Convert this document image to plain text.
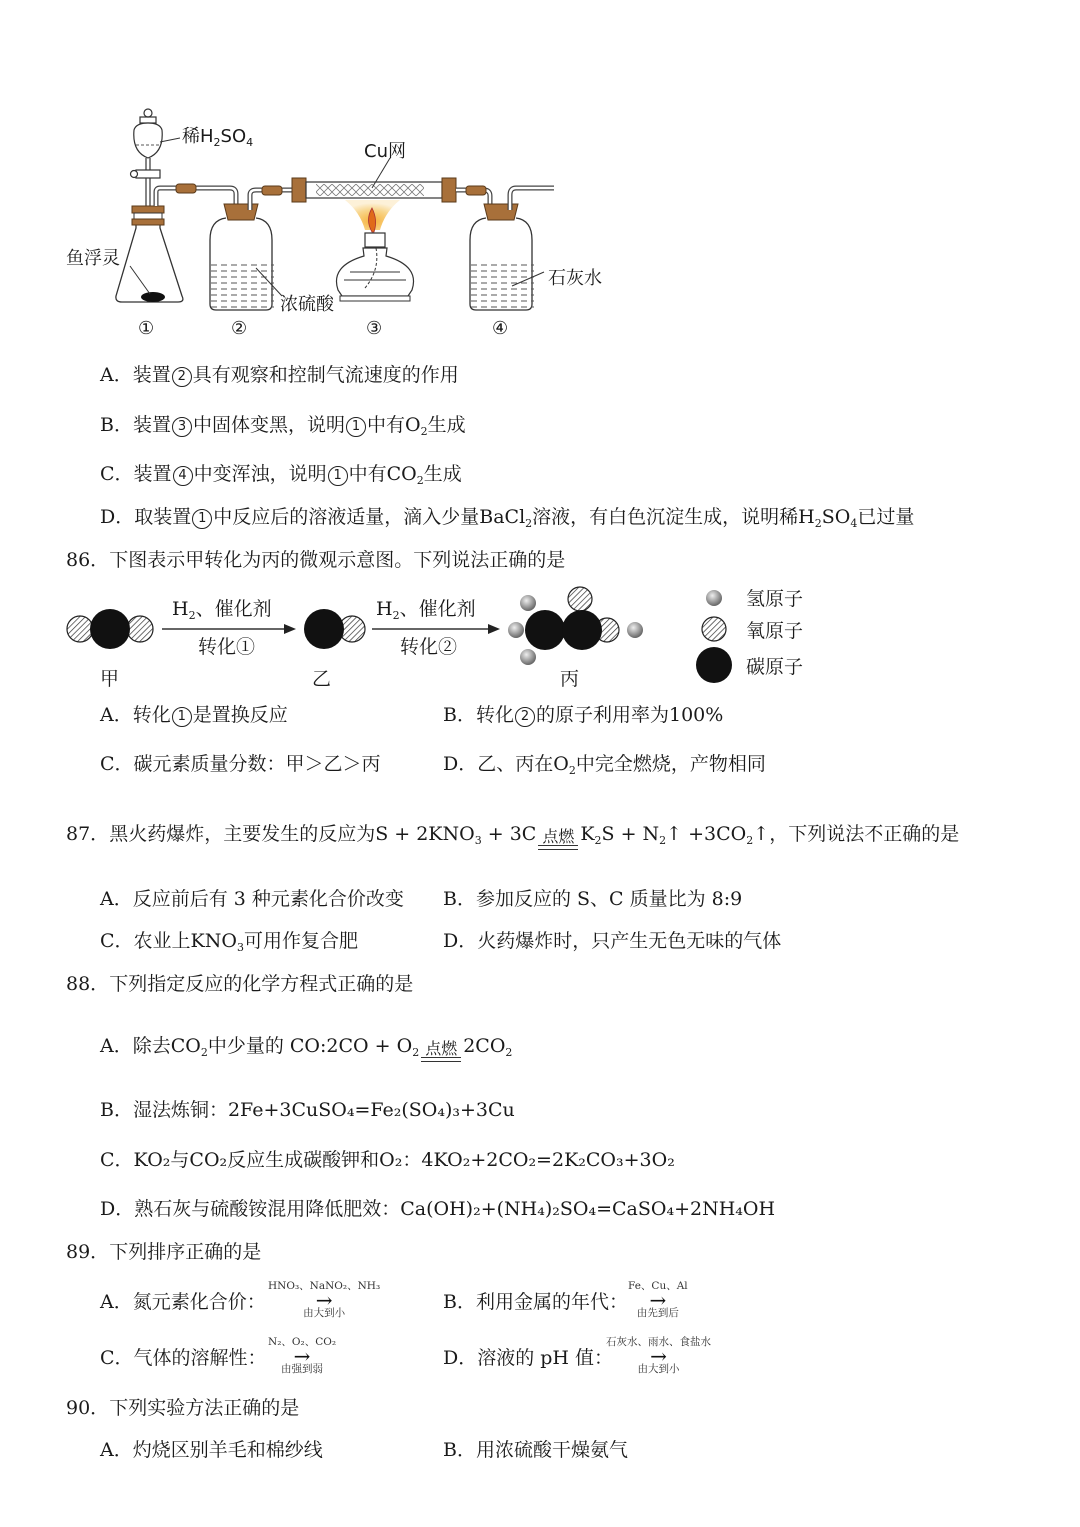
稀$H_2SO_4$	Cu网
鱼浮灵
浓硫酸
石灰水
①	②	③	④
A．装置 2 具有观察和控制气流速度的作用
B．装置 3 中固体变黑，说明 1 中有$O_2$生成
C．装置 4 中变浑浊，说明 1 中有$CO_2$生成
D．取装置 1 中反应后的溶液适量，滴入少量BaCl$_2$溶液，有白色沉淀生成，说明稀$H_2SO_4$已过量
86．下图表示甲转化为丙的微观示意图。下列说法正确的是
$H_2$、催化剂
转化①
$H_2$、催化剂
转化②
甲	乙	丙
氢原子
氧原子
碳原子
A．转化 1 是置换反应	B．转化 2 的原子利用率为100%
C．碳元素质量分数：甲＞乙＞丙	D．乙、丙在$O_2$中完全燃烧，产物相同
87．黑火药爆炸，主要发生的反应为$S + 2KNO_3 + 3C$ 点燃 $K_2S$ + $N_2↑$ $+3CO_2↑$，下列说法不正确的是
A．反应前后有 3 种元素化合价改变 B．参加反应的 S、C 质量比为 8:9
C．农业上$KNO_3$可用作复合肥	D．火药爆炸时，只产生无色无味的气体
88．下列指定反应的化学方程式正确的是
A．除去$CO_2$中少量的 CO:2CO + $O_2$ 点燃 $2CO_2$
B．湿法炼铜：2Fe+3CuSO₄=Fe₂(SO₄)₃+3Cu
C．KO₂与CO₂反应生成碳酸钾和O₂：4KO₂+2CO₂=2K₂CO₃+3O₂
D．熟石灰与硫酸铵混用降低肥效：Ca(OH)₂+(NH₄)₂SO₄=CaSO₄+2NH₄OH
89．下列排序正确的是
A．氮元素化合价：
HNO₃、NaNO₂、NH₃
→
由大到小	B．利用金属的年代：
Fe、Cu、Al
→
由先到后
C．气体的溶解性：
N₂、O₂、CO₂
→
由强到弱	D．溶液的 pH 值：
石灰水、雨水、食盐水
→
由大到小
90．下列实验方法正确的是
A．灼烧区别羊毛和棉纱线	B．用浓硫酸干燥氨气
